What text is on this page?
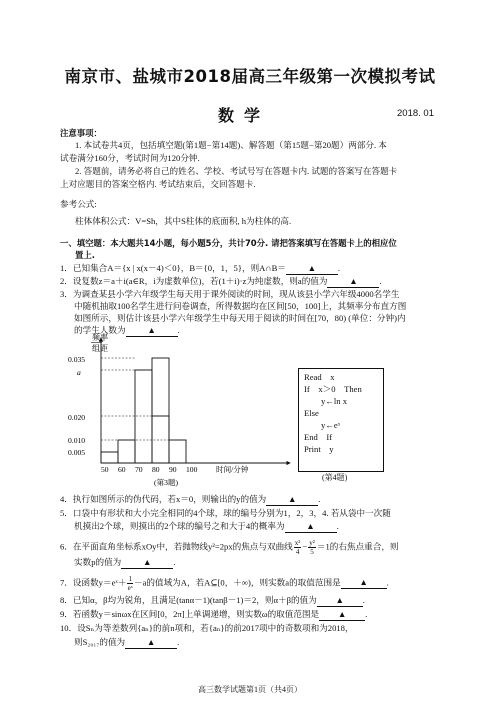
南京市、盐城市2018届高三年级第一次模拟考试
数学	2018. 01
注意事项：
1. 本试卷共4页，包括填空题(第1题−第14题)、解答题（第15题−第20题）两部分. 本
试卷满分160分，考试时间为120分钟.
2. 答题前，请务必将自己的姓名、学校、考试号写在答题卡内. 试题的答案写在答题卡
上对应题目的答案空格内. 考试结束后，交回答题卡.
参考公式:
柱体体积公式：V=Sh，其中S柱体的底面积, h为柱体的高.
一、填空题：本大题共14小题，每小题5分，共计70分. 请把答案填写在答题卡上的相应位
置上.
1．已知集合A＝{x | x(x－4)＜0}，B＝{0，1，5}，则A∩B＝	▲	.
2．设复数z＝a＋i(a∈R，i为虚数单位)，若(1＋i)·z为纯虚数，则a的值为	▲	.
3．为调查某县小学六年级学生每天用于课外阅读的时间，现从该县小学六年级4000名学生
中随机抽取100名学生进行问卷调查，所得数据均在区间[50，100]上，其频率分布直方图
如图所示，则估计该县小学六年级学生中每天用于阅读的时间在[70，80) (单位：分钟)内
的学生人数为	▲	.
频率
组距
0.035
a
0.020
0.010
0.005
50 60 70 80 90 100 时间/分钟
(第3题)
Read　x
If　x＞0　Then
y←ln x
Else
y←eˣ
End　If
Print　y
(第4题)
4．执行如图所示的伪代码，若x＝0，则输出的y的值为	▲	.
5．口袋中有形状和大小完全相同的4个球，球的编号分别为1，2，3，4. 若从袋中一次随
机摸出2个球，则摸出的2个球的编号之和大于4的概率为	▲	.
6．在平面直角坐标系xOy中，若抛物线y²=2px的焦点与双曲线 $\frac{\text{x²}}{4} - \frac{\text{y²}}{5} =1$的右焦点重合，则
实数p的值为	▲	.
7．设函数y＝eˣ＋ $\frac{1}{\text{eˣ}} -a$的值域为A，若A⊆[0，＋∞)，则实数a的取值范围是 ▲ .
8．已知α，β均为锐角，且满足(tanα－1)(tanβ－1)＝2，则α＋β的值为 ▲ .
9．若函数y＝sinωx在区间[0，2π]上单调递增，则实数ω的取值范围是 ▲ .
10．设Sₙ为等差数列{aₙ}的前n项和，若{aₙ}的前2017项中的奇数项和为2018，
则S₂₀₁₇的值为	▲	.
高三数学试题第1页（共4页）
